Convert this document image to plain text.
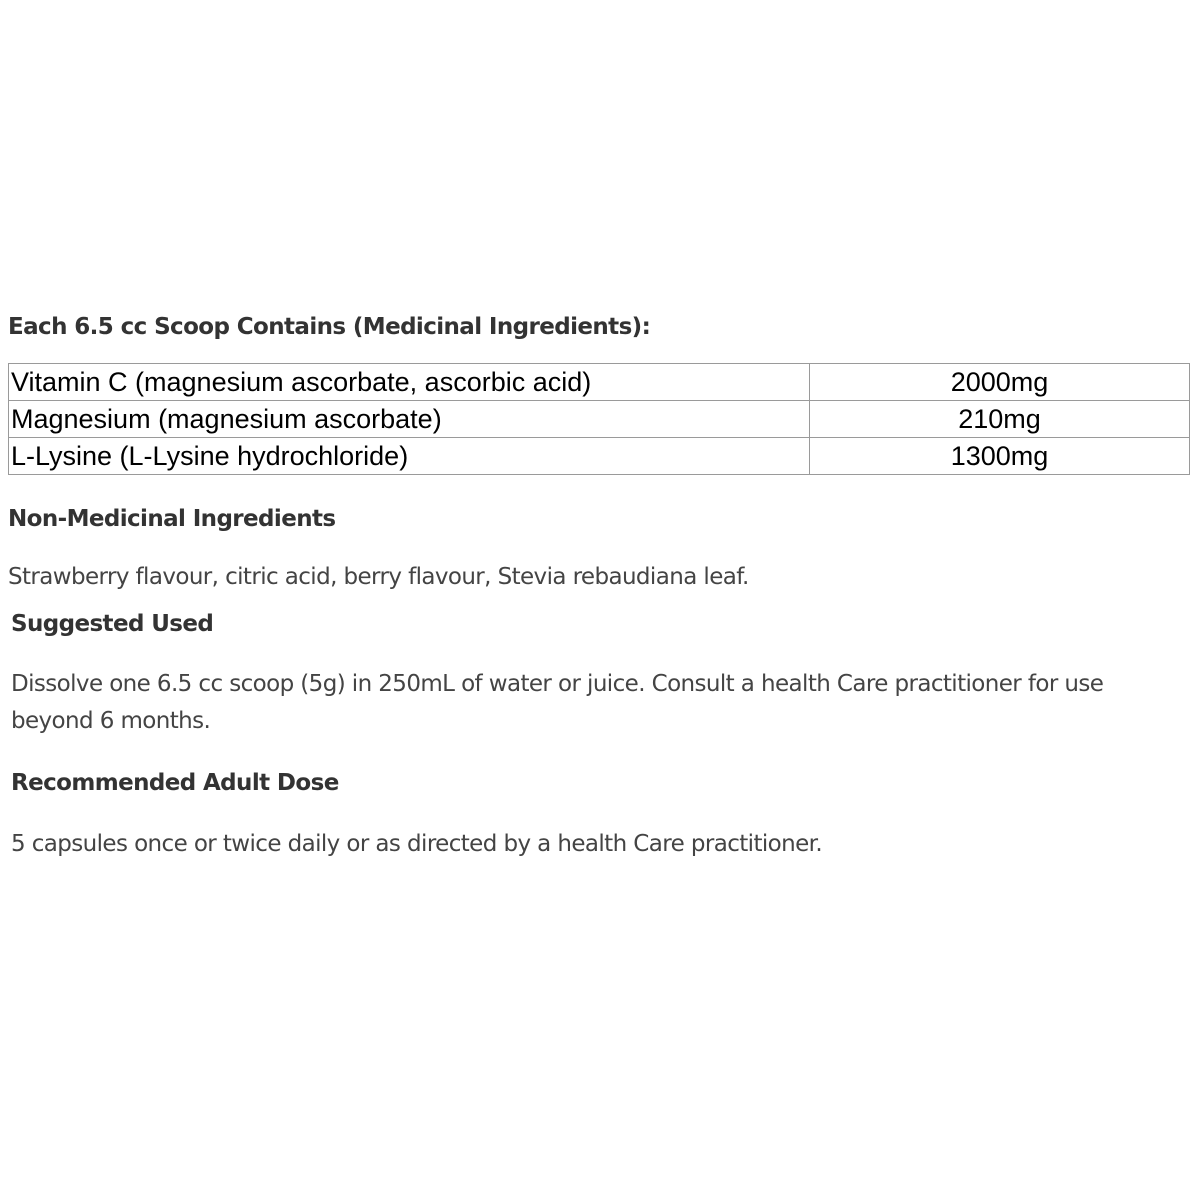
Each 6.5 cc Scoop Contains (Medicinal Ingredients):
Vitamin C (magnesium ascorbate, ascorbic acid)	2000mg
Magnesium (magnesium ascorbate)	210mg
L-Lysine (L-Lysine hydrochloride)	1300mg
Non-Medicinal Ingredients

Strawberry flavour, citric acid, berry flavour, Stevia rebaudiana leaf.

Suggested Used

Dissolve one 6.5 cc scoop (5g) in 250mL of water or juice. Consult a health Care practitioner for use beyond 6 months.

Recommended Adult Dose

5 capsules once or twice daily or as directed by a health Care practitioner.
